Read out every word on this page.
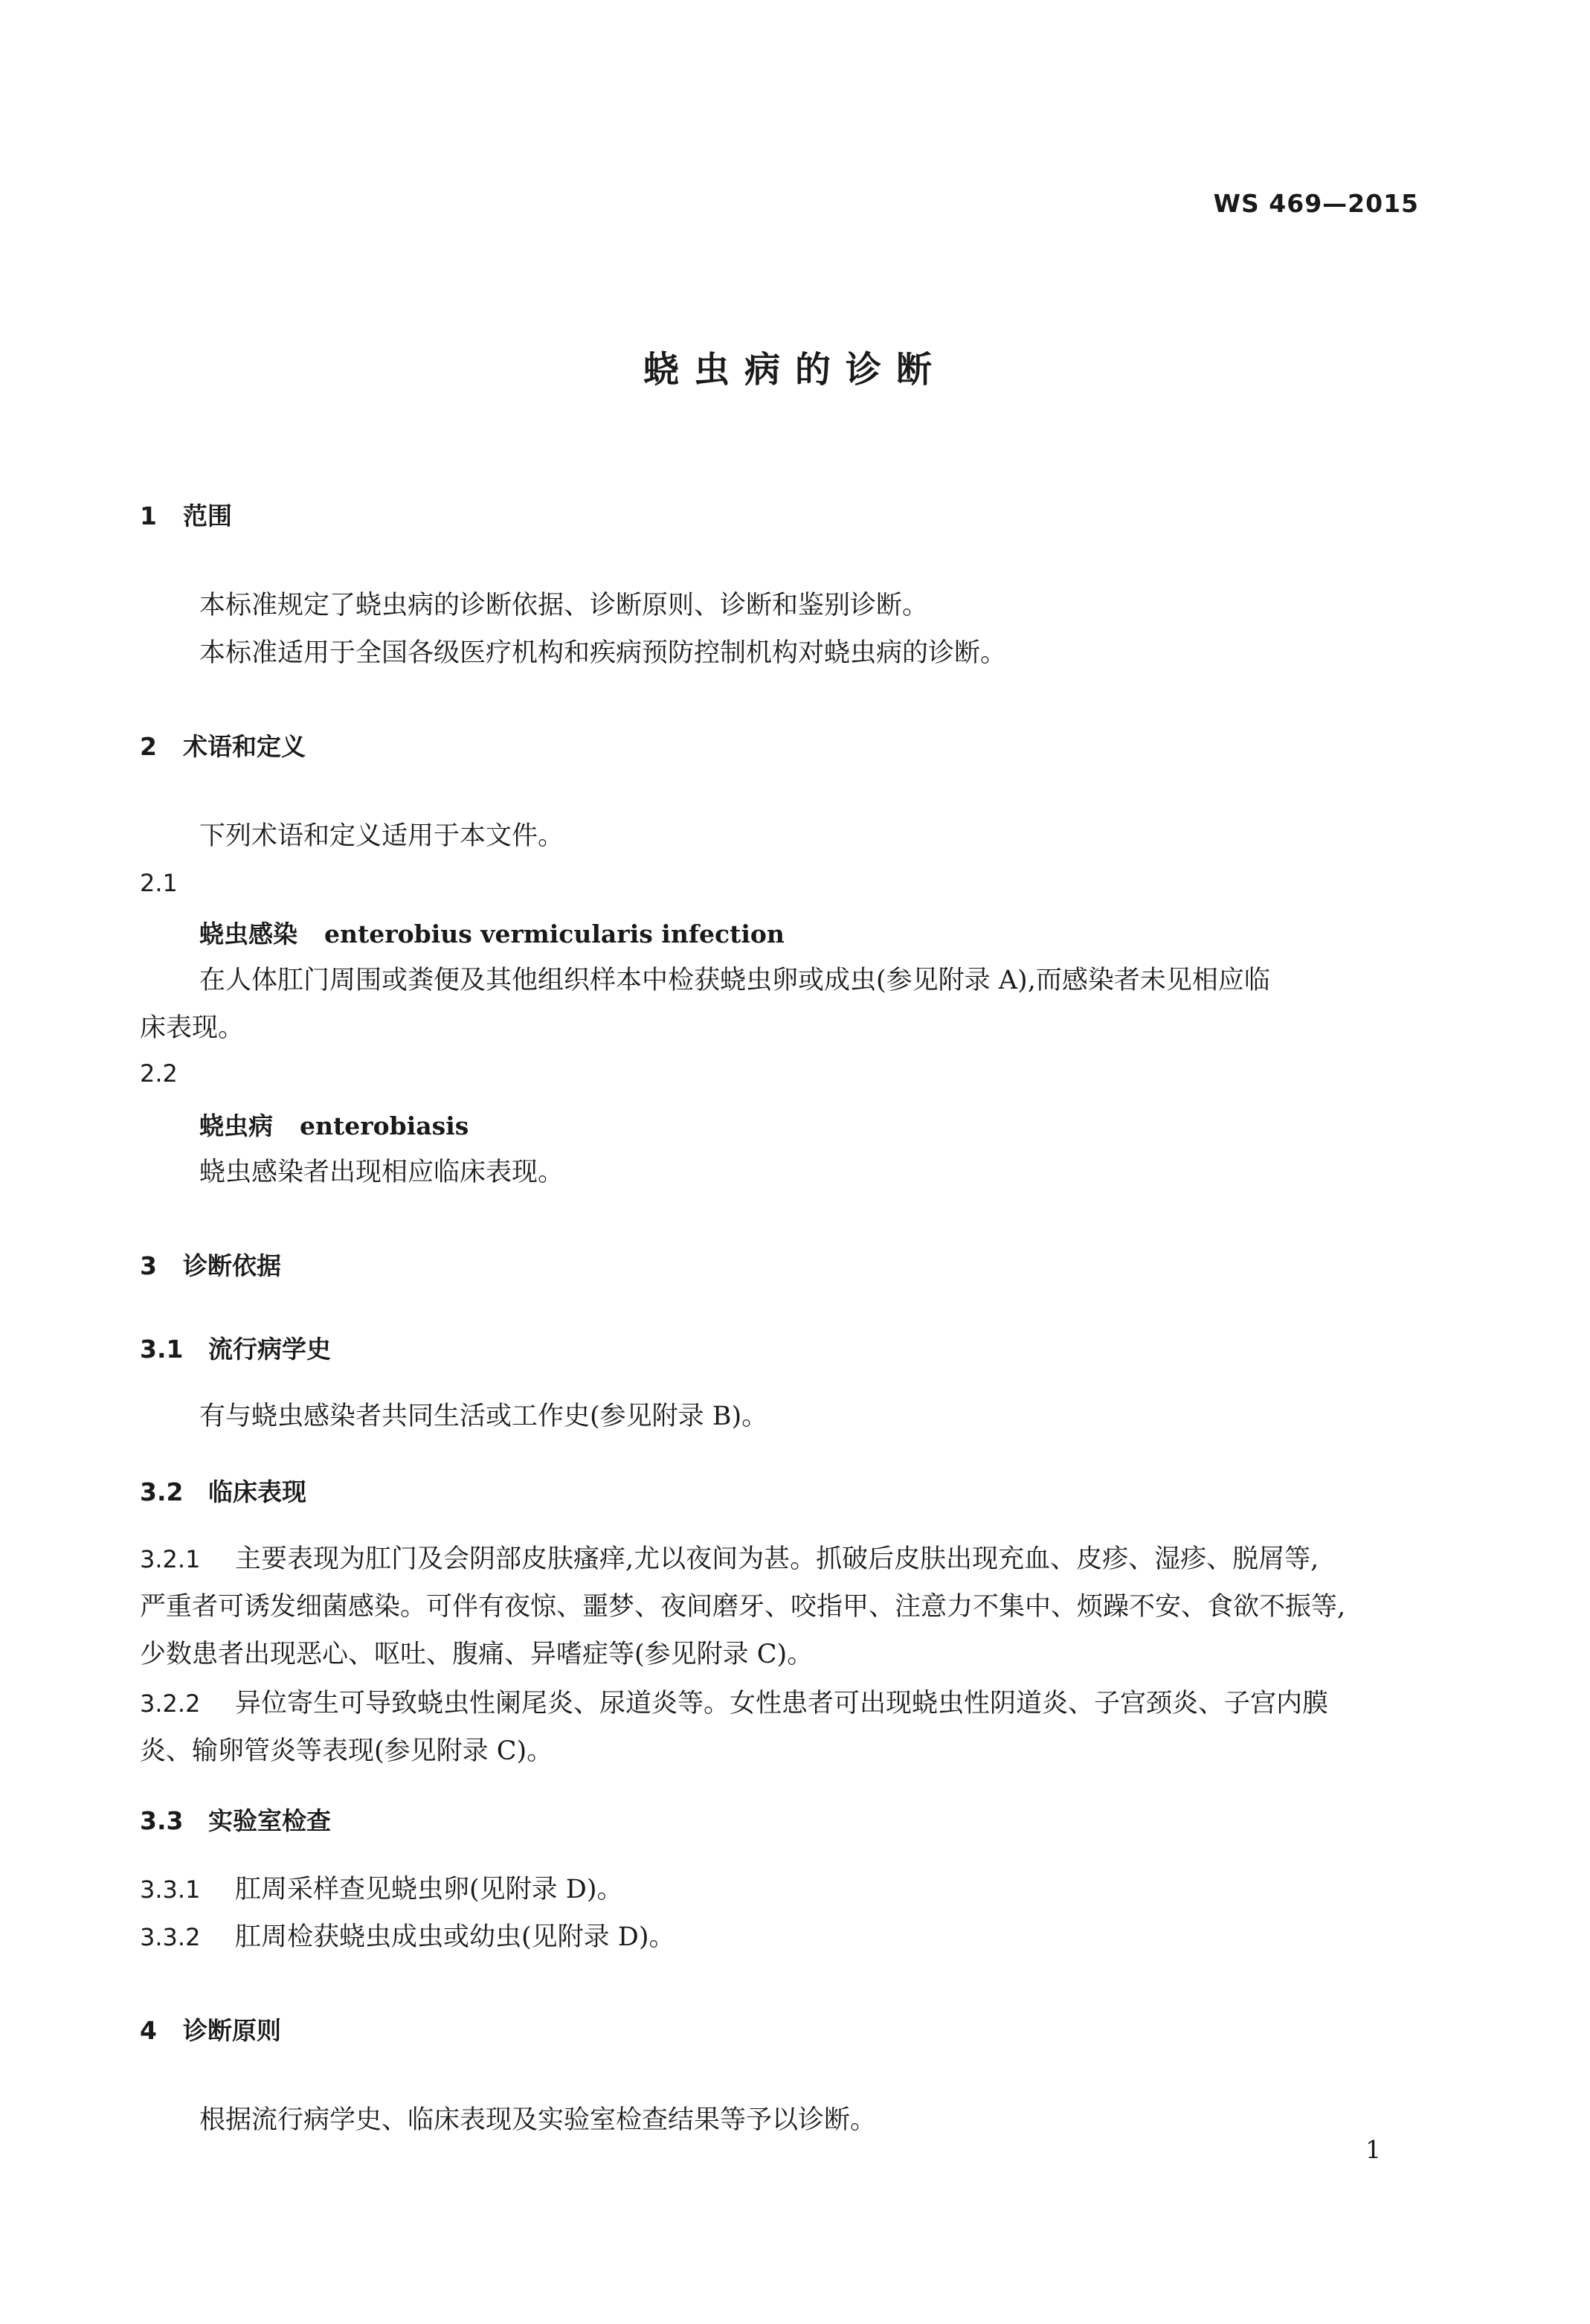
WS 469—2015
蛲虫病的诊断
1 范围
本标准规定了蛲虫病的诊断依据、诊断原则、诊断和鉴别诊断。
本标准适用于全国各级医疗机构和疾病预防控制机构对蛲虫病的诊断。
2 术语和定义
下列术语和定义适用于本文件。
2.1
蛲虫感染 enterobius vermicularis infection
在人体肛门周围或粪便及其他组织样本中检获蛲虫卵或成虫(参见附录 A),而感染者未见相应临
床表现。
2.2
蛲虫病 enterobiasis
蛲虫感染者出现相应临床表现。
3 诊断依据
3.1 流行病学史
有与蛲虫感染者共同生活或工作史(参见附录 B)。
3.2 临床表现
3.2.1 主要表现为肛门及会阴部皮肤瘙痒,尤以夜间为甚。抓破后皮肤出现充血、皮疹、湿疹、脱屑等,
严重者可诱发细菌感染。可伴有夜惊、噩梦、夜间磨牙、咬指甲、注意力不集中、烦躁不安、食欲不振等,
少数患者出现恶心、呕吐、腹痛、异嗜症等(参见附录 C)。
3.2.2 异位寄生可导致蛲虫性阑尾炎、尿道炎等。女性患者可出现蛲虫性阴道炎、子宫颈炎、子宫内膜
炎、输卵管炎等表现(参见附录 C)。
3.3 实验室检查
3.3.1 肛周采样查见蛲虫卵(见附录 D)。
3.3.2 肛周检获蛲虫成虫或幼虫(见附录 D)。
4 诊断原则
根据流行病学史、临床表现及实验室检查结果等予以诊断。
1
